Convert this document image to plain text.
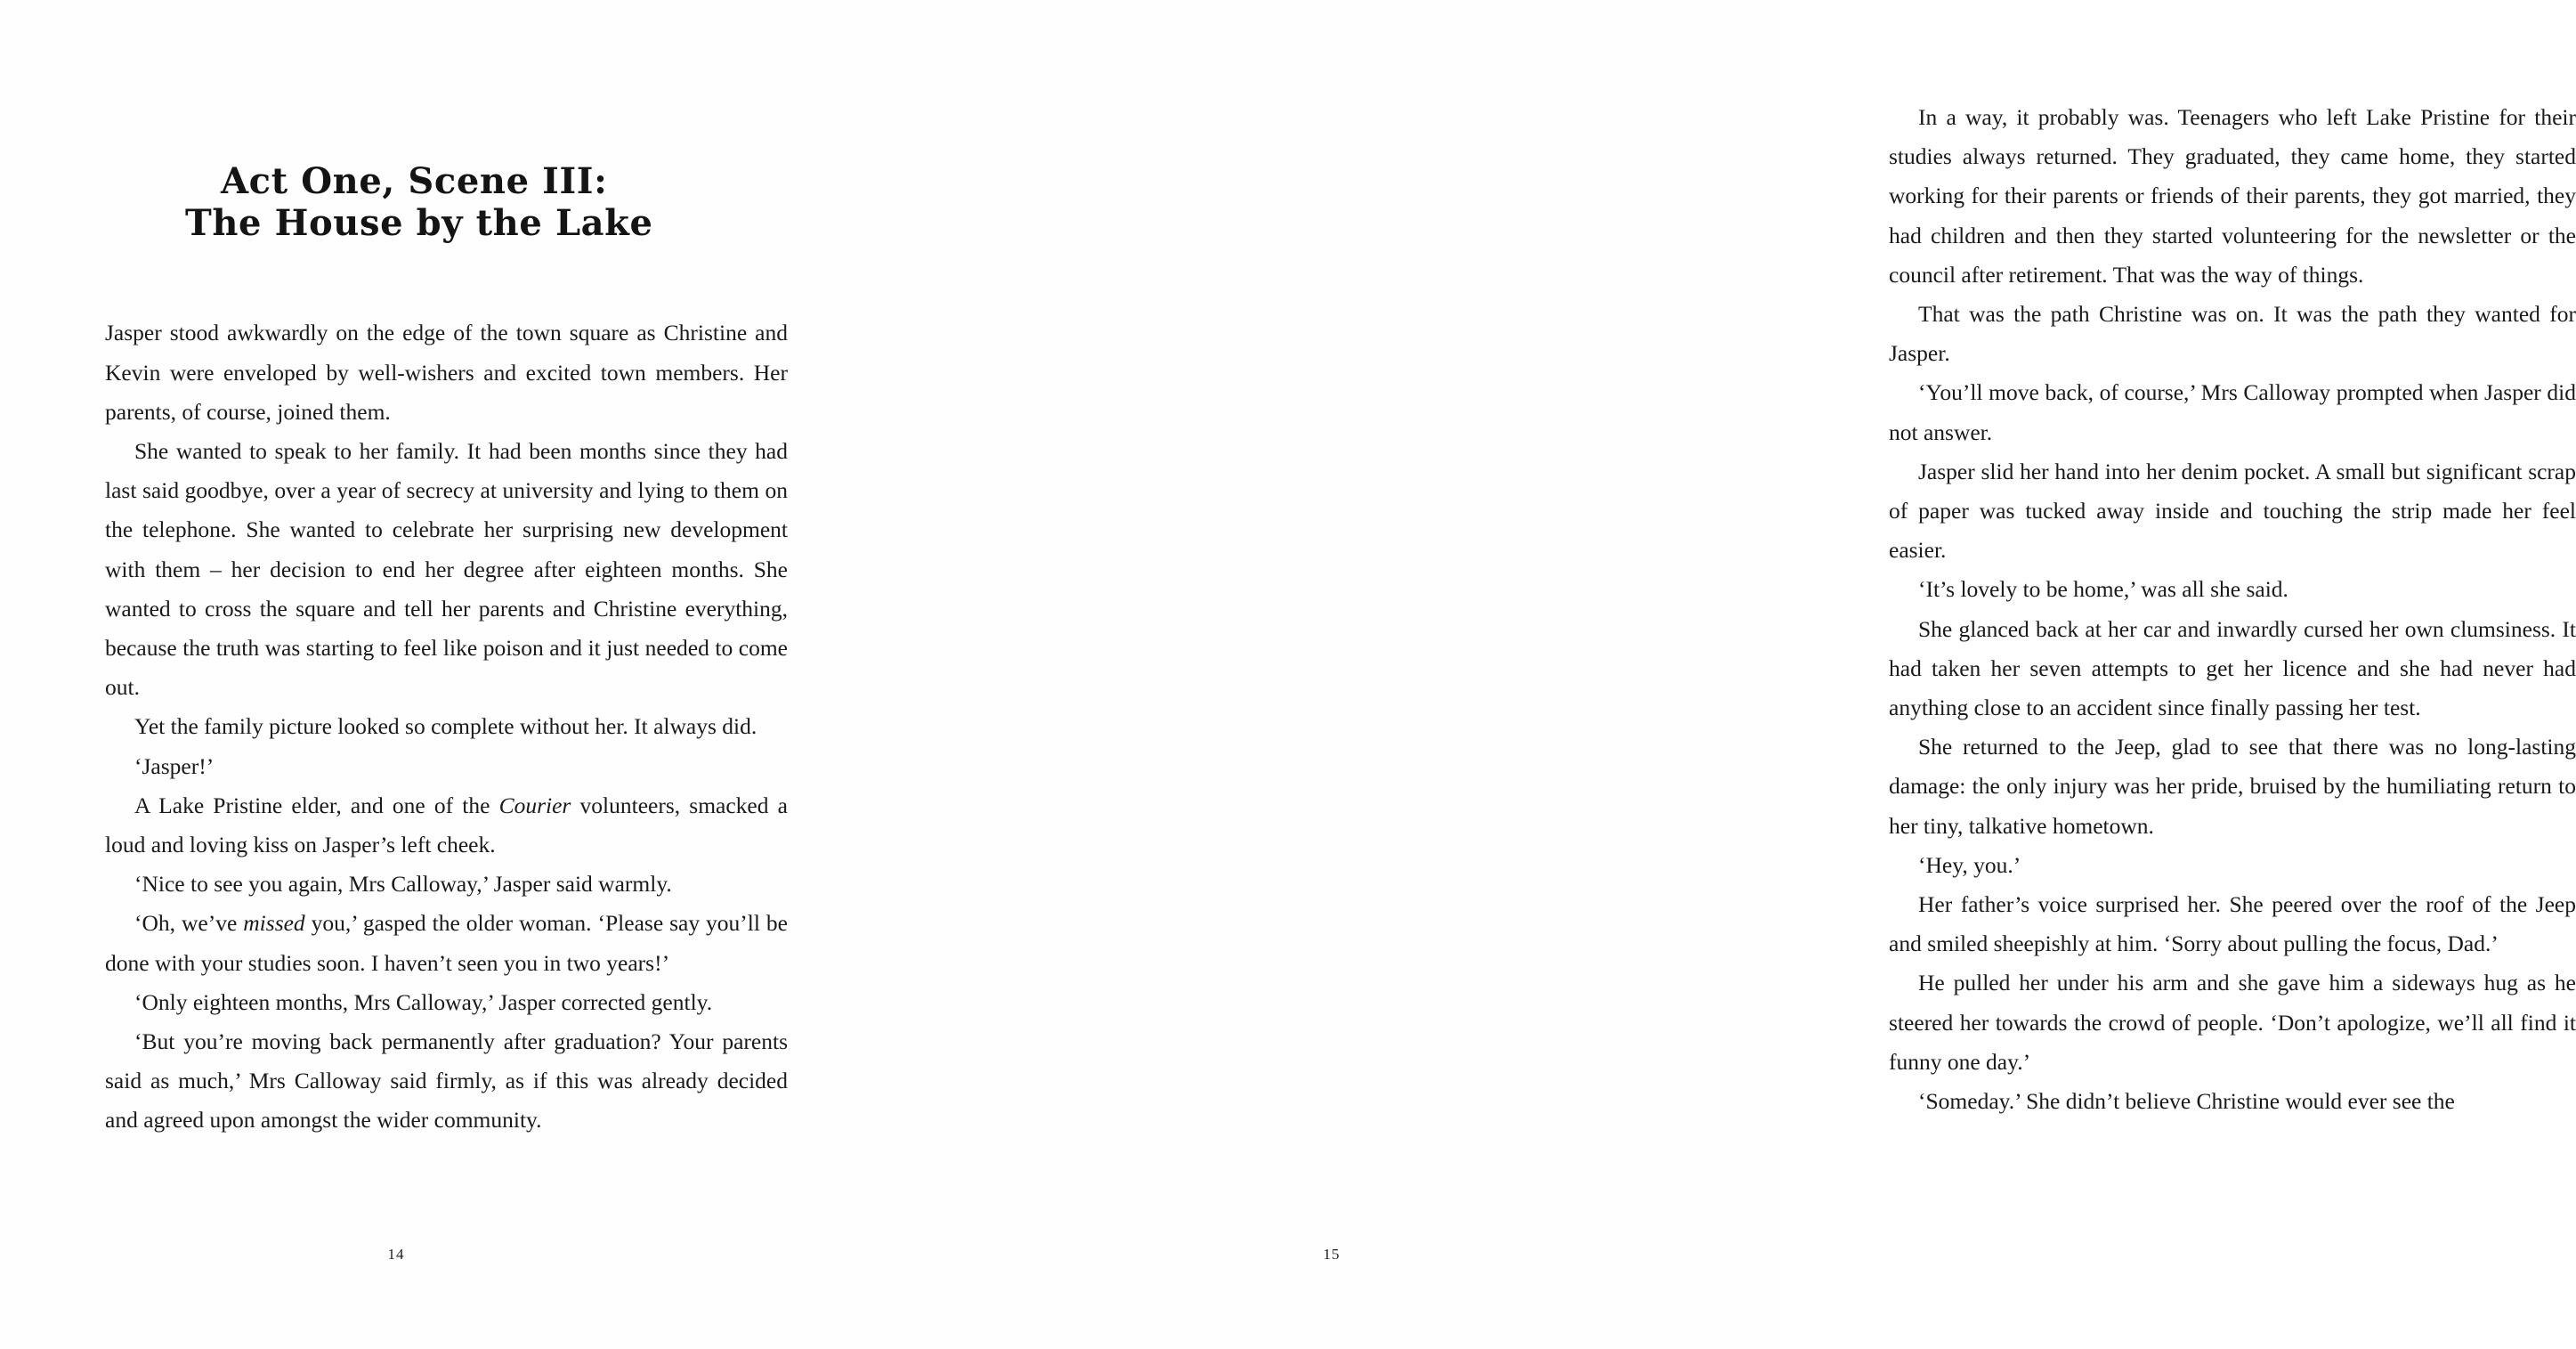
Act One, Scene III:
The House by the Lake

Jasper stood awkwardly on the edge of the town square as Christine and Kevin were enveloped by well-wishers and excited town members. Her parents, of course, joined them.

She wanted to speak to her family. It had been months since they had last said goodbye, over a year of secrecy at university and lying to them on the telephone. She wanted to celebrate her surprising new development with them – her decision to end her degree after eighteen months. She wanted to cross the square and tell her parents and Christine everything, because the truth was starting to feel like poison and it just needed to come out.

Yet the family picture looked so complete without her. It always did.

‘Jasper!’

A Lake Pristine elder, and one of the Courier volunteers, smacked a loud and loving kiss on Jasper’s left cheek.

‘Nice to see you again, Mrs Calloway,’ Jasper said warmly.

‘Oh, we’ve missed you,’ gasped the older woman. ‘Please say you’ll be done with your studies soon. I haven’t seen you in two years!’

‘Only eighteen months, Mrs Calloway,’ Jasper corrected gently.

‘But you’re moving back permanently after graduation? Your parents said as much,’ Mrs Calloway said firmly, as if this was already decided and agreed upon amongst the wider community.

14

In a way, it probably was. Teenagers who left Lake Pristine for their studies always returned. They graduated, they came home, they started working for their parents or friends of their parents, they got married, they had children and then they started volunteering for the newsletter or the council after retirement. That was the way of things.

That was the path Christine was on. It was the path they wanted for Jasper.

‘You’ll move back, of course,’ Mrs Calloway prompted when Jasper did not answer.

Jasper slid her hand into her denim pocket. A small but significant scrap of paper was tucked away inside and touching the strip made her feel easier.

‘It’s lovely to be home,’ was all she said.

She glanced back at her car and inwardly cursed her own clumsiness. It had taken her seven attempts to get her licence and she had never had anything close to an accident since finally passing her test.

She returned to the Jeep, glad to see that there was no long-lasting damage: the only injury was her pride, bruised by the humiliating return to her tiny, talkative hometown.

‘Hey, you.’

Her father’s voice surprised her. She peered over the roof of the Jeep and smiled sheepishly at him. ‘Sorry about pulling the focus, Dad.’

He pulled her under his arm and she gave him a sideways hug as he steered her towards the crowd of people. ‘Don’t apologize, we’ll all find it funny one day.’

‘Someday.’ She didn’t believe Christine would ever see the

15
